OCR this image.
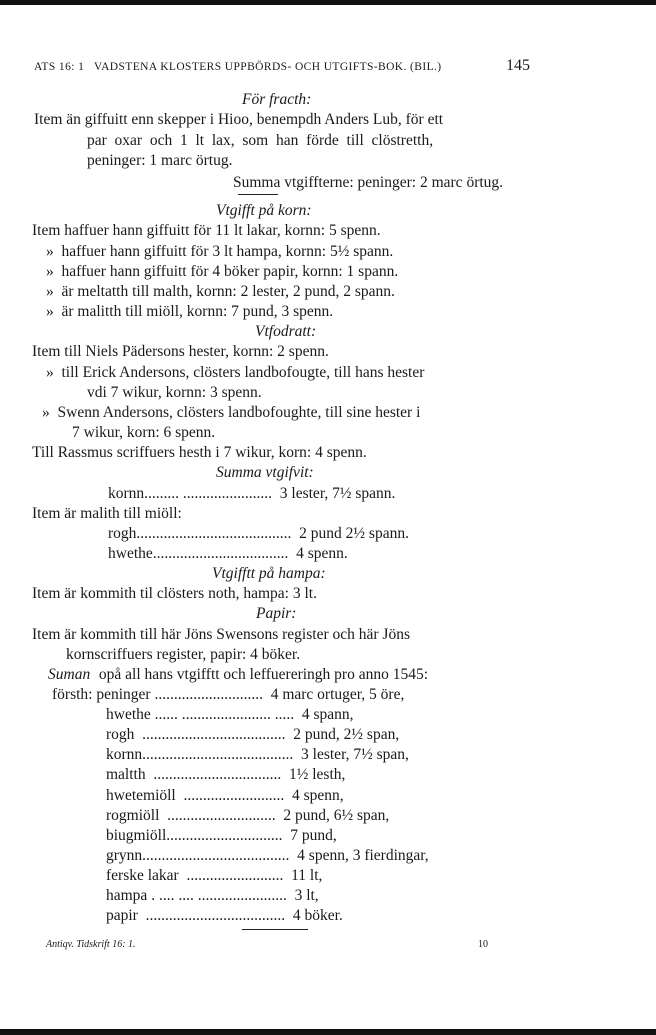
ATS 16: 1   VADSTENA KLOSTERS UPPBÖRDS- OCH UTGIFTS-BOK. (BIL.)	145
För fracth:
Item än giffuitt enn skepper i Hioo, benempdh Anders Lub, för ett
par  oxar  och  1  lt  lax,  som  han  förde  till  clöstretth,
peninger: 1 marc örtug.
Summa vtgiffterne: peninger: 2 marc örtug.
Vtgifft på korn:
Item haffuer hann giffuitt för 11 lt lakar, kornn: 5 spenn.
»  haffuer hann giffuitt för 3 lt hampa, kornn: 5½ spann.
»  haffuer hann giffuitt för 4 böker papir, kornn: 1 spann.
»  är meltatth till malth, kornn: 2 lester, 2 pund, 2 spann.
»  är malitth till miöll, kornn: 7 pund, 3 spenn.
Vtfodratt:
Item till Niels Pädersons hester, kornn: 2 spenn.
»  till Erick Andersons, clösters landbofougte, till hans hester
vdi 7 wikur, kornn: 3 spenn.
»  Swenn Andersons, clösters landbofoughte, till sine hester i
7 wikur, korn: 6 spenn.
Till Rassmus scriffuers hesth i 7 wikur, korn: 4 spenn.
Summa vtgifvit:
kornn......... .......................  3 lester, 7½ spann.
Item är malith till miöll:
rogh........................................  2 pund 2½ spann.
hwethe...................................  4 spenn.
Vtgifftt på hampa:
Item är kommith til clösters noth, hampa: 3 lt.
Papir:
Item är kommith till här Jöns Swensons register och här Jöns
kornscriffuers register, papir: 4 böker.
Suman opå all hans vtgifftt och leffuereringh pro anno 1545:
försth: peninger ............................  4 marc ortuger, 5 öre,
hwethe ...... ....................... .....  4 spann,
rogh  .....................................  2 pund, 2½ span,
kornn.......................................  3 lester, 7½ span,
maltth  .................................  1½ lesth,
hwetemiöll  ..........................  4 spenn,
rogmiöll  ............................  2 pund, 6½ span,
biugmiöll..............................  7 pund,
grynn......................................  4 spenn, 3 fierdingar,
ferske lakar  .........................  11 lt,
hampa . .... .... .......................  3 lt,
papir  ....................................  4 böker.
Antiqv. Tidskrift 16: 1.	10
